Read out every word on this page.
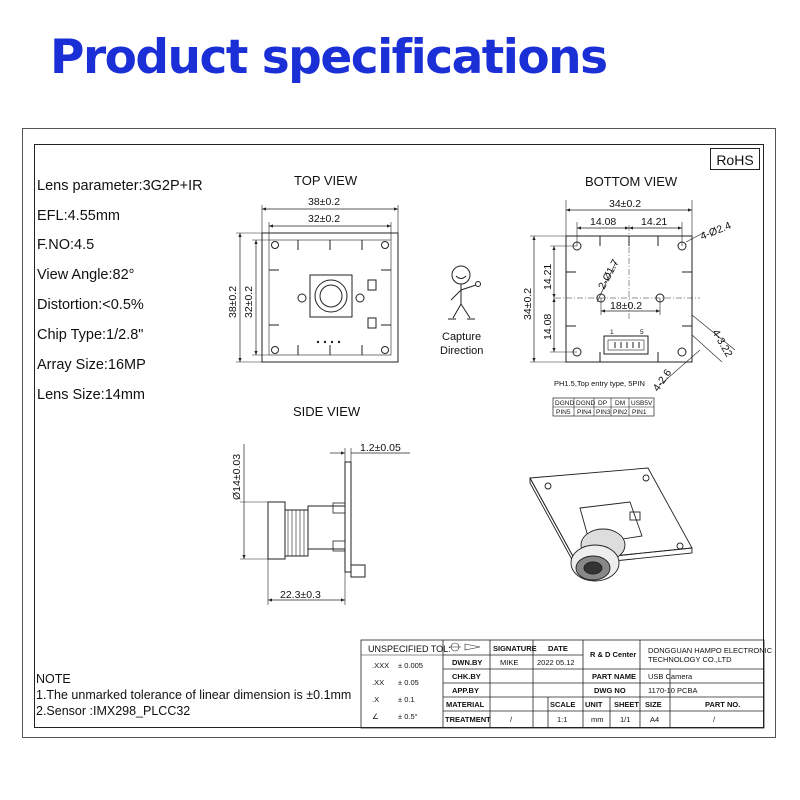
Product specifications
RoHS
Lens parameter:3G2P+IR
EFL:4.55mm
F.NO:4.5
View Angle:82°
Distortion:<0.5%
Chip Type:1/2.8"
Array Size:16MP
Lens Size:14mm
TOP VIEW	BOTTOM VIEW
SIDE VIEW
NOTE
1.The unmarked tolerance of linear dimension is ±0.1mm
2.Sensor :IMX298_PLCC32
38±0.2
32±0.2
38±0.2 32±0.2
34±0.2
14.08 14.21	4-Ø2.4
34±0.2
14.21
14.08
18±0.2
2-Ø1.7
4-3.22
4-2.6
Ø14±0.03
1.2±0.05
22.3±0.3
Capture
Direction
1	5
PH1.5,Top entry type, 5PIN
DGND DGND DP DM USB5V
PIN5 PIN4 PIN3 PIN2 PIN1
UNSPECIFIED TOL:
.XXX ± 0.005
.XX ± 0.05
.X	± 0.1
∠	± 0.5°
SIGNATURE DATE
R & D Center DONGGUAN HAMPO ELECTRONIC
TECHNOLOGY CO.,LTD
DWN.BY MIKE 2022 05.12
CHK.BY
APP.BY
PART NAME USB Camera
DWG NO	1170-10 PCBA
MATERIAL	SCALE UNIT SHEET SIZE	PART NO.
TREATMENT	/	1:1	mm 1/1	A4	/
